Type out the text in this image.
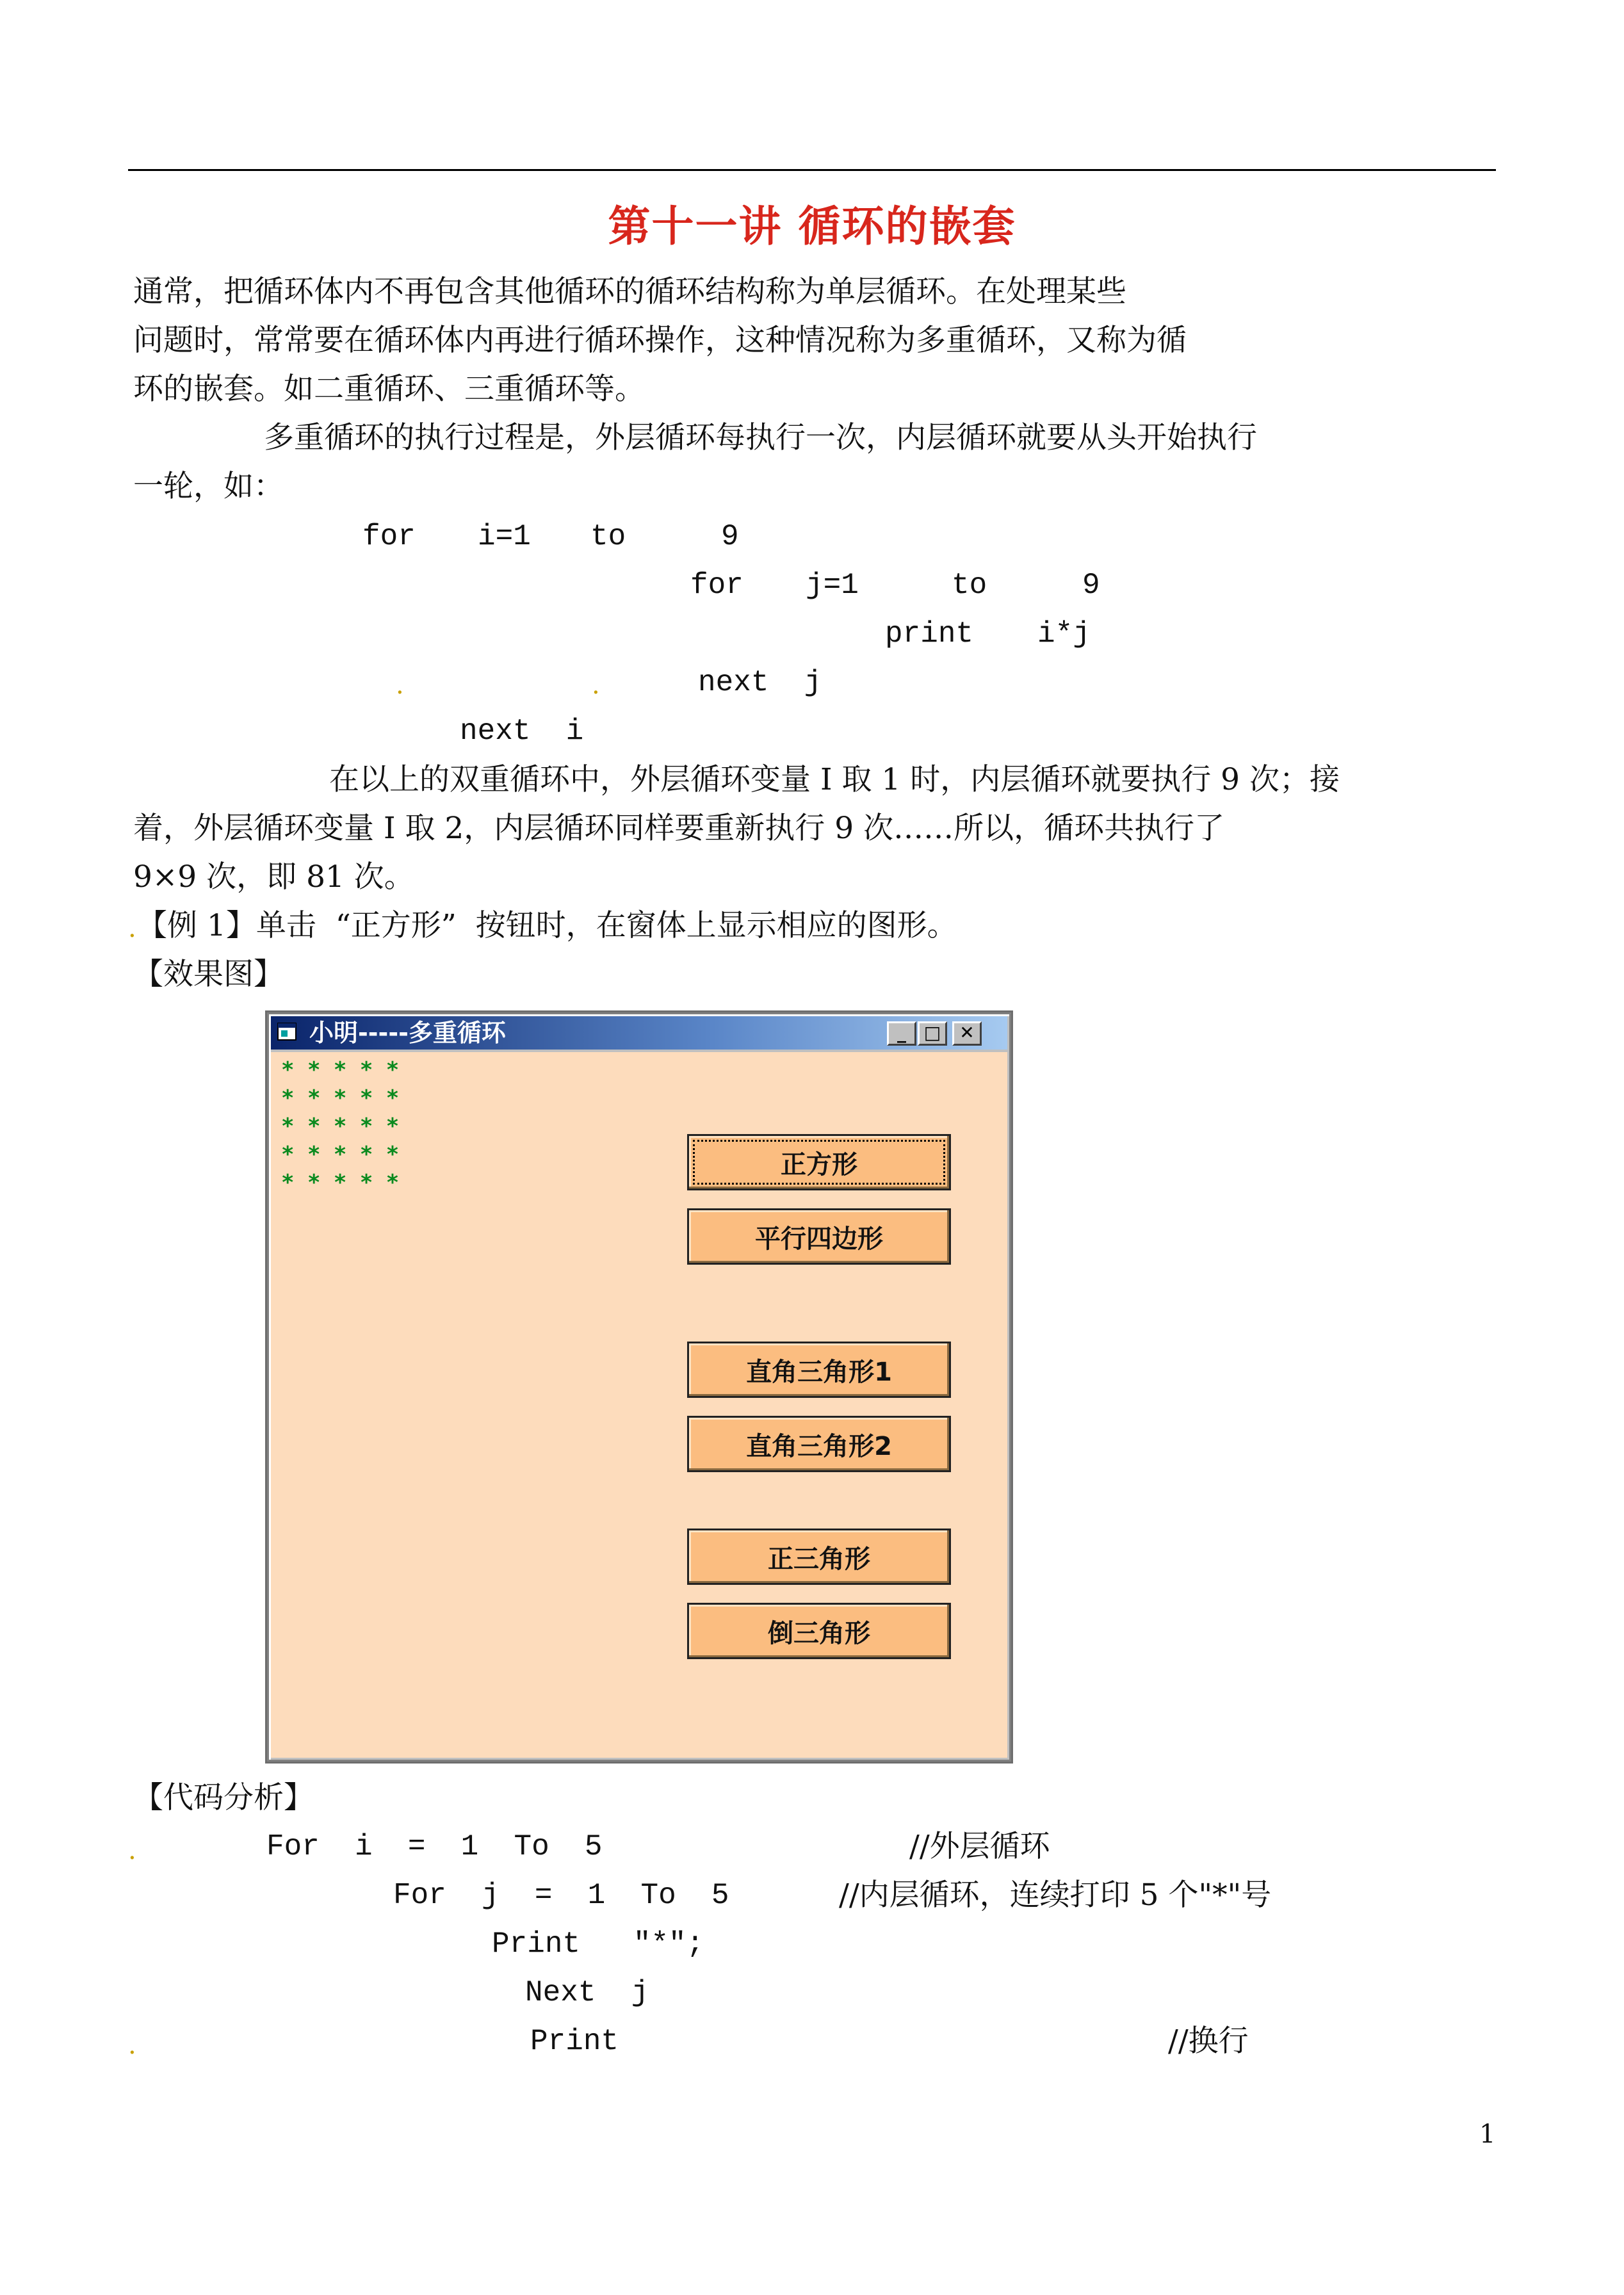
第十一讲 循环的嵌套
通常，把循环体内不再包含其他循环的循环结构称为单层循环。在处理某些
问题时，常常要在循环体内再进行循环操作，这种情况称为多重循环，又称为循
环的嵌套。如二重循环、三重循环等。
多重循环的执行过程是，外层循环每执行一次，内层循环就要从头开始执行
一轮，如：
for i=1 to	9
for j=1	to	9
print i*j
.	.	next  j
next  i
在以上的双重循环中，外层循环变量 I 取 1 时，内层循环就要执行 9 次；接
着，外层循环变量 I 取 2，内层循环同样要重新执行 9 次……所以，循环共执行了
9×9 次，即 81 次。
. 【例 1】单击  “正方形”  按钮时，在窗体上显示相应的图形。
【效果图】
小明-----多重循环	_ □	✕
* * * * *
* * * * *
* * * * *
* * * * *
* * * * *
正方形
平行四边形
直角三角形1
直角三角形2
正三角形
倒三角形
【代码分析】
.	For  i  =  1  To  5	//外层循环
For  j  =  1  To  5	//内层循环，连续打印 5 个"*"号
Print   "*";
Next  j
.	Print	//换行
1
